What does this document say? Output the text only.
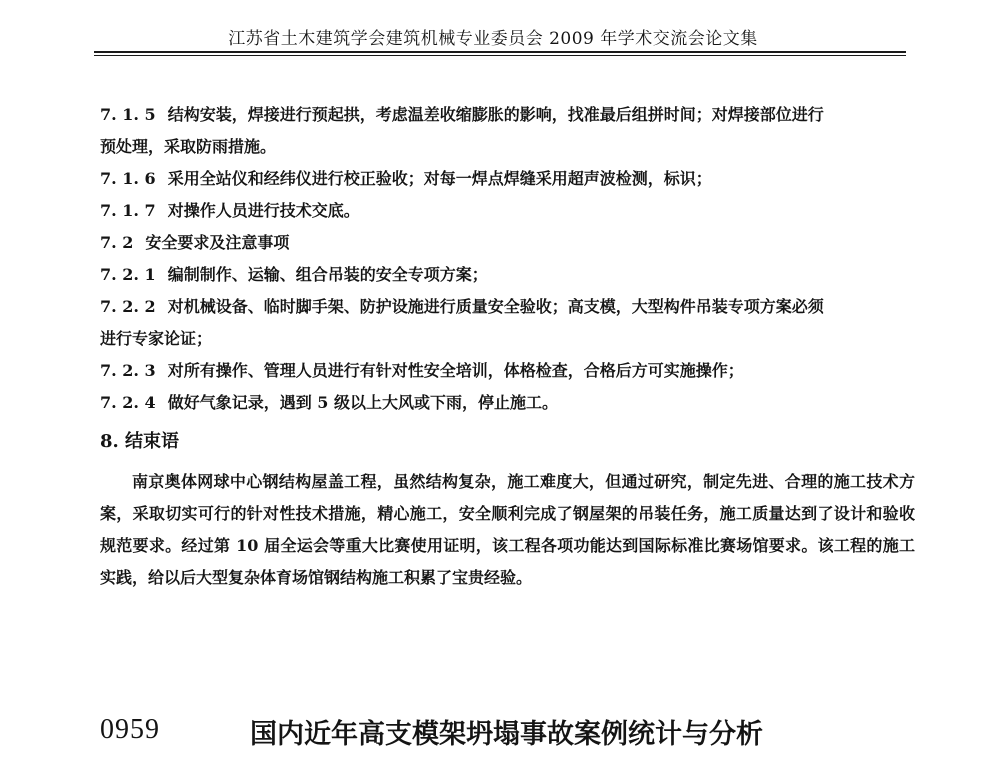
江苏省土木建筑学会建筑机械专业委员会 2009 年学术交流会论文集
7. 1. 5 结构安装，焊接进行预起拱，考虑温差收缩膨胀的影响，找准最后组拼时间；对焊接部位进行
预处理，采取防雨措施。
7. 1. 6 采用全站仪和经纬仪进行校正验收；对每一焊点焊缝采用超声波检测，标识；
7. 1. 7 对操作人员进行技术交底。
7. 2 安全要求及注意事项
7. 2. 1 编制制作、运输、组合吊装的安全专项方案；
7. 2. 2 对机械设备、临时脚手架、防护设施进行质量安全验收；高支模，大型构件吊装专项方案必须
进行专家论证；
7. 2. 3 对所有操作、管理人员进行有针对性安全培训，体格检查，合格后方可实施操作；
7. 2. 4 做好气象记录，遇到 5 级以上大风或下雨，停止施工。
8. 结束语
南京奥体网球中心钢结构屋盖工程，虽然结构复杂，施工难度大，但通过研究，制定先进、合理的施工技术方案，采取切实可行的针对性技术措施，精心施工，安全顺利完成了钢屋架的吊装任务，施工质量达到了设计和验收规范要求。经过第 10 届全运会等重大比赛使用证明，该工程各项功能达到国际标准比赛场馆要求。该工程的施工实践，给以后大型复杂体育场馆钢结构施工积累了宝贵经验。
0959	国内近年高支模架坍塌事故案例统计与分析
